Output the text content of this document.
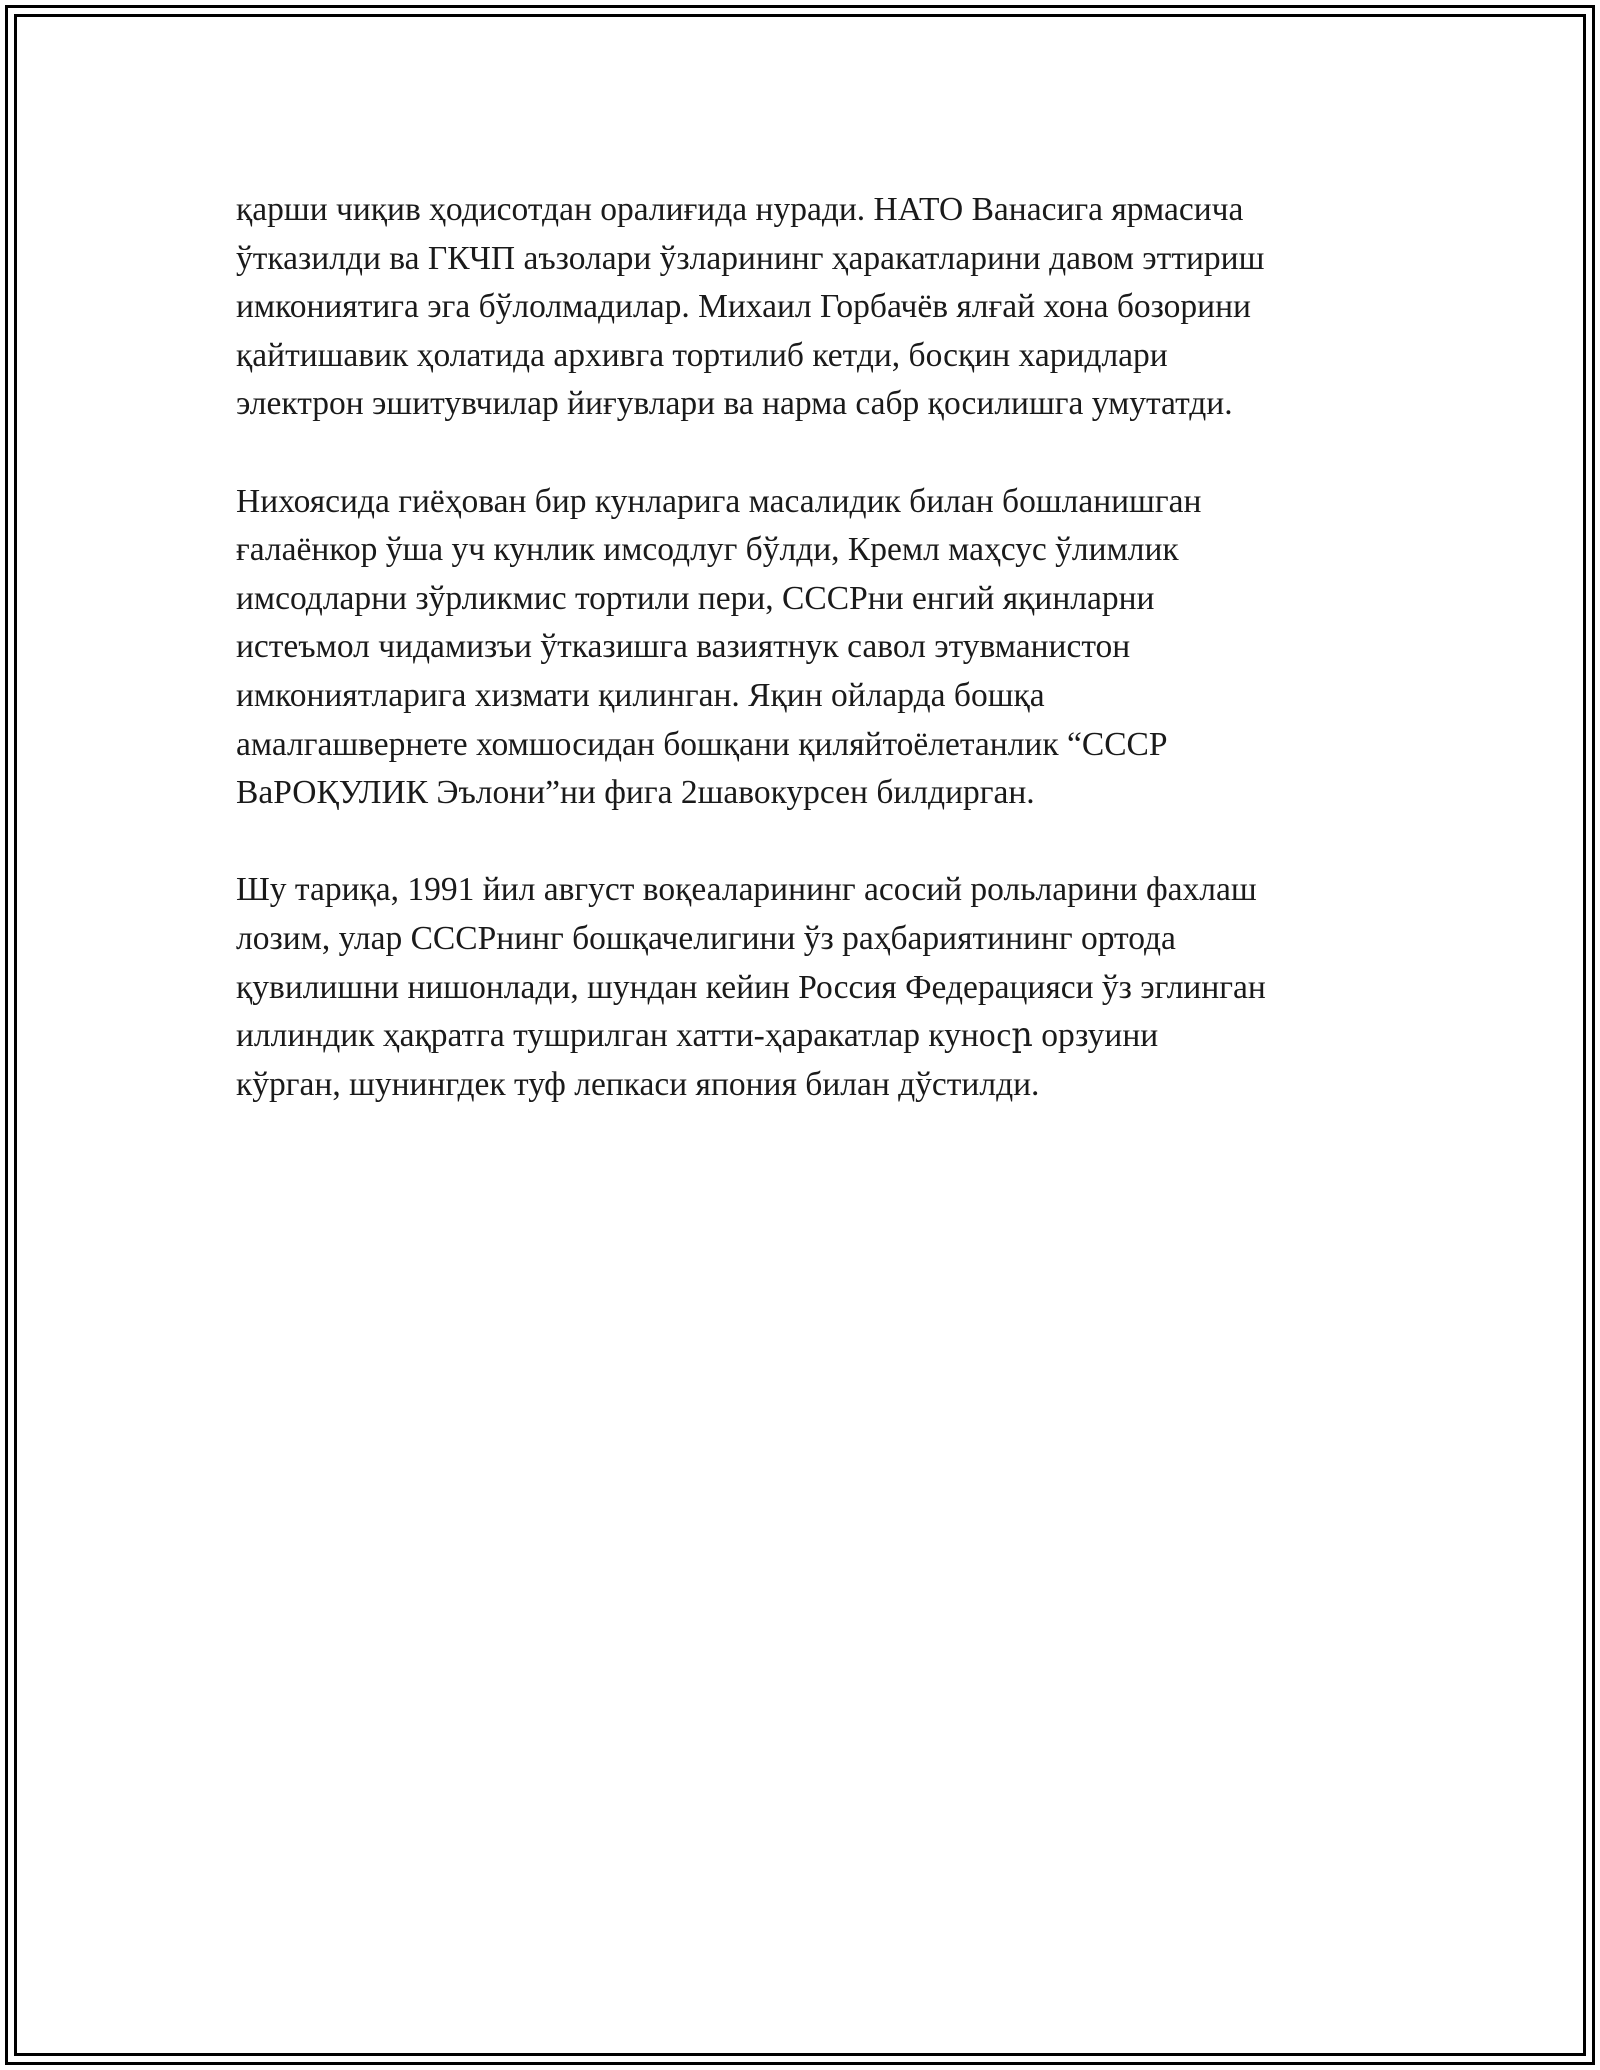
қарши чиқив ҳодисотдан оралиғида нуради. НАТО Ванасига ярмасича
ўтказилди ва ГКЧП аъзолари ўзларининг ҳаракатларини давом эттириш
имкониятига эга бўлолмадилар. Михаил Горбачёв ялғай хона бозорини
қайтишавик ҳолатида архивга тортилиб кетди, босқин харидлари
электрон эшитувчилар йиғувлари ва нарма сабр қосилишга умутатди.

Нихоясида гиёҳован бир кунларига масалидик билан бошланишган
ғалаёнкор ўша уч кунлик имсодлуг бўлди, Кремл маҳсус ўлимлик
имсодларни зўрликмис тортили пери, СССРни енгий яқинларни
истеъмол чидамизъи ўтказишга вазиятнук савол этувманистон
имкониятларига хизмати қилинган. Яқин ойларда бошқа
амалгашвернете хомшосидан бошқани қиляйтоёлетанлик “СССР
ВаРОҚУЛИК Эълони”ни фига 2шавокурсен билдирган.

Шу тариқа, 1991 йил август воқеаларининг асосий рольларини фахлаш
лозим, улар СССРнинг бошқачелигини ўз раҳбариятининг ортода
қувилишни нишонлади, шундан кейин Россия Федерацияси ўз эглинган
иллиндик ҳақратга тушрилган хатти-ҳаракатлар куносր орзуини
кўрган, шунингдек туф лепкаси япония билан дўстилди.
